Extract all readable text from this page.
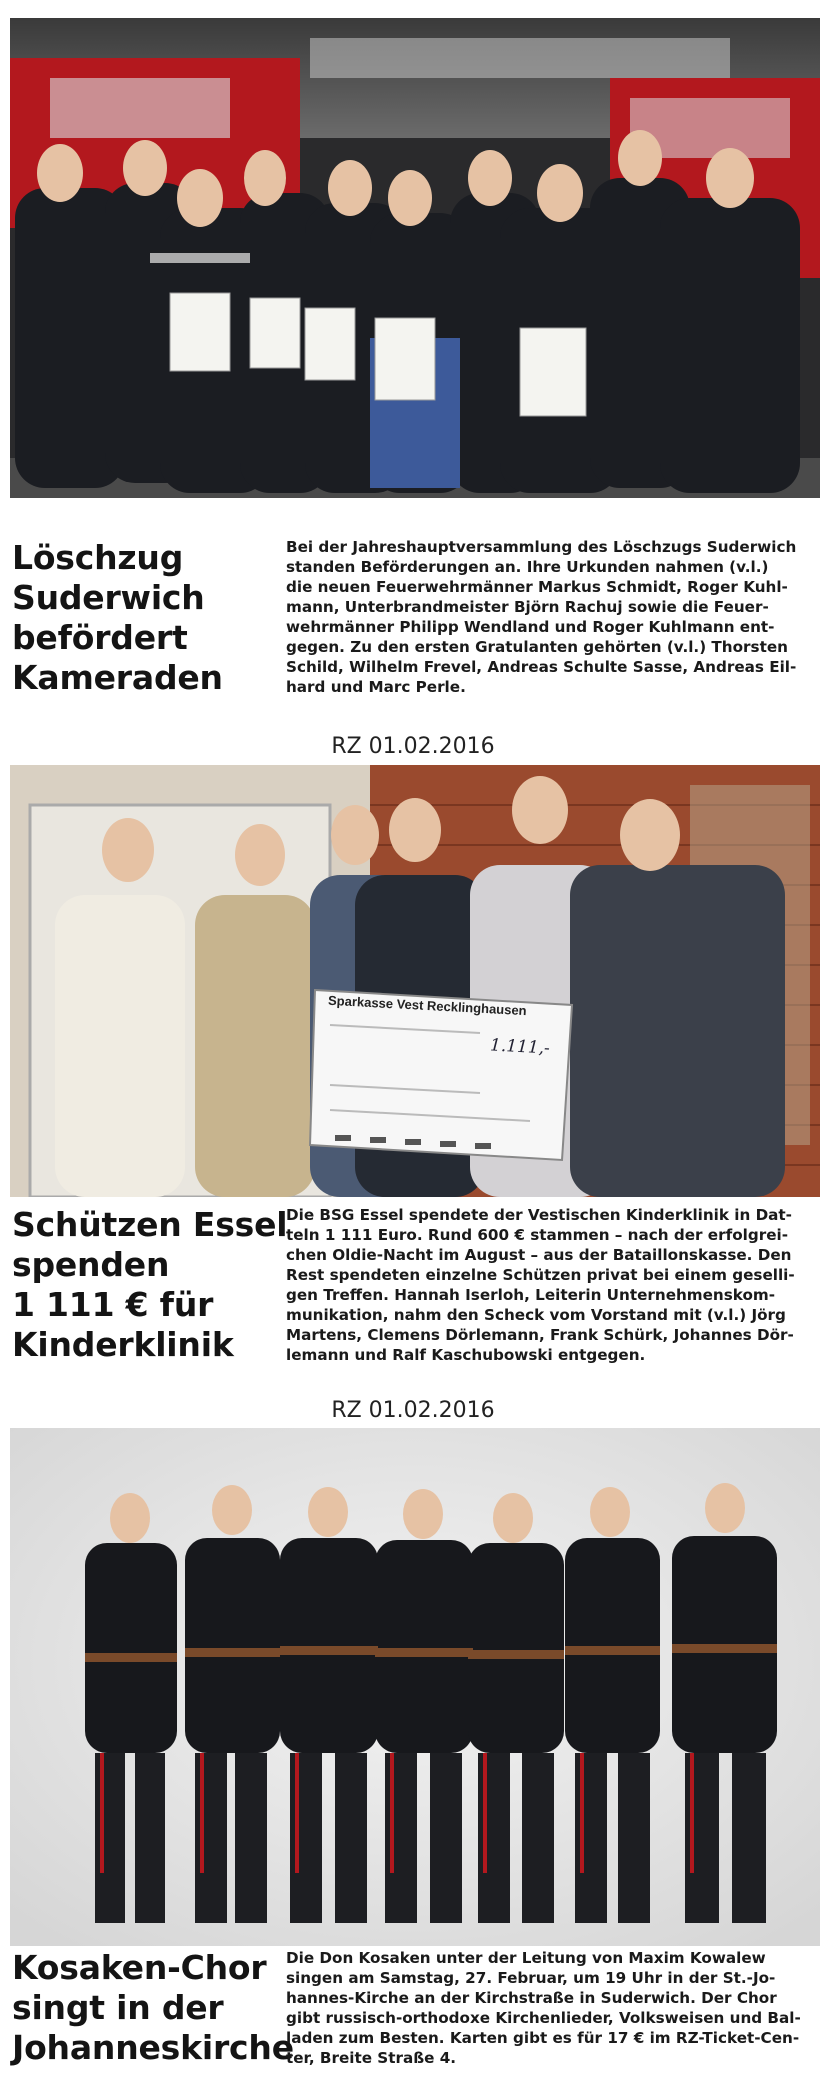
Löschzug
Suderwich
befördert
Kameraden
Bei der Jahreshauptversammlung des Löschzugs Suderwich
standen Beförderungen an. Ihre Urkunden nahmen (v.l.)
die neuen Feuerwehrmänner Markus Schmidt, Roger Kuhl-
mann, Unterbrandmeister Björn Rachuj sowie die Feuer-
wehrmänner Philipp Wendland und Roger Kuhlmann ent-
gegen. Zu den ersten Gratulanten gehörten (v.l.) Thorsten
Schild, Wilhelm Frevel, Andreas Schulte Sasse, Andreas Eil-
hard und Marc Perle.
RZ 01.02.2016
Sparkasse Vest Recklinghausen
1.111,-
Schützen Essel
spenden
1 111 € für
Kinderklinik
Die BSG Essel spendete der Vestischen Kinderklinik in Dat-
teln 1 111 Euro. Rund 600 € stammen – nach der erfolgrei-
chen Oldie-Nacht im August – aus der Bataillonskasse. Den
Rest spendeten einzelne Schützen privat bei einem geselli-
gen Treffen. Hannah Iserloh, Leiterin Unternehmenskom-
munikation, nahm den Scheck vom Vorstand mit (v.l.) Jörg
Martens, Clemens Dörlemann, Frank Schürk, Johannes Dör-
lemann und Ralf Kaschubowski entgegen.
RZ 01.02.2016
Kosaken-Chor
singt in der
Johanneskirche
Die Don Kosaken unter der Leitung von Maxim Kowalew
singen am Samstag, 27. Februar, um 19 Uhr in der St.-Jo-
hannes-Kirche an der Kirchstraße in Suderwich. Der Chor
gibt russisch-orthodoxe Kirchenlieder, Volksweisen und Bal-
laden zum Besten. Karten gibt es für 17 € im RZ-Ticket-Cen-
ter, Breite Straße 4.
